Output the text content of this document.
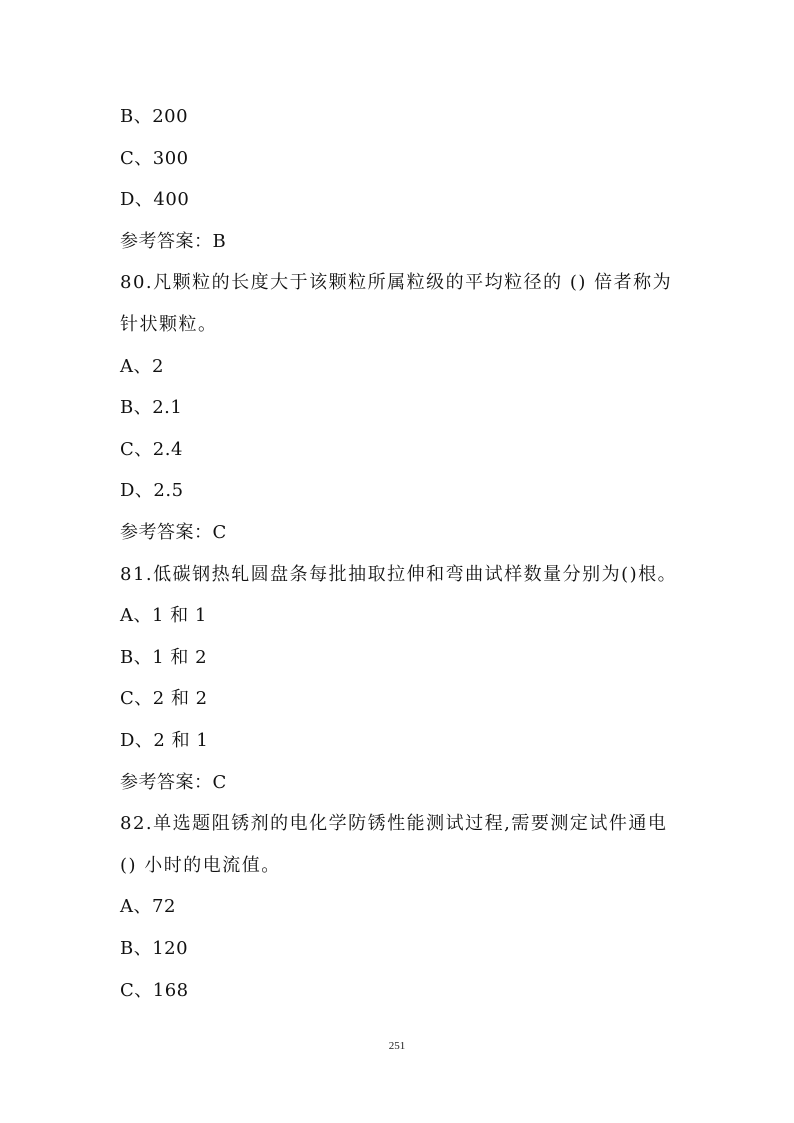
B、200
C、300
D、400
参考答案：B
80.凡颗粒的长度大于该颗粒所属粒级的平均粒径的 () 倍者称为
针状颗粒。
A、2
B、2.1
C、2.4
D、2.5
参考答案：C
81.低碳钢热轧圆盘条每批抽取拉伸和弯曲试样数量分别为()根。
A、1 和 1
B、1 和 2
C、2 和 2
D、2 和 1
参考答案：C
82.单选题阻锈剂的电化学防锈性能测试过程,需要测定试件通电
() 小时的电流值。
A、72
B、120
C、168
251
